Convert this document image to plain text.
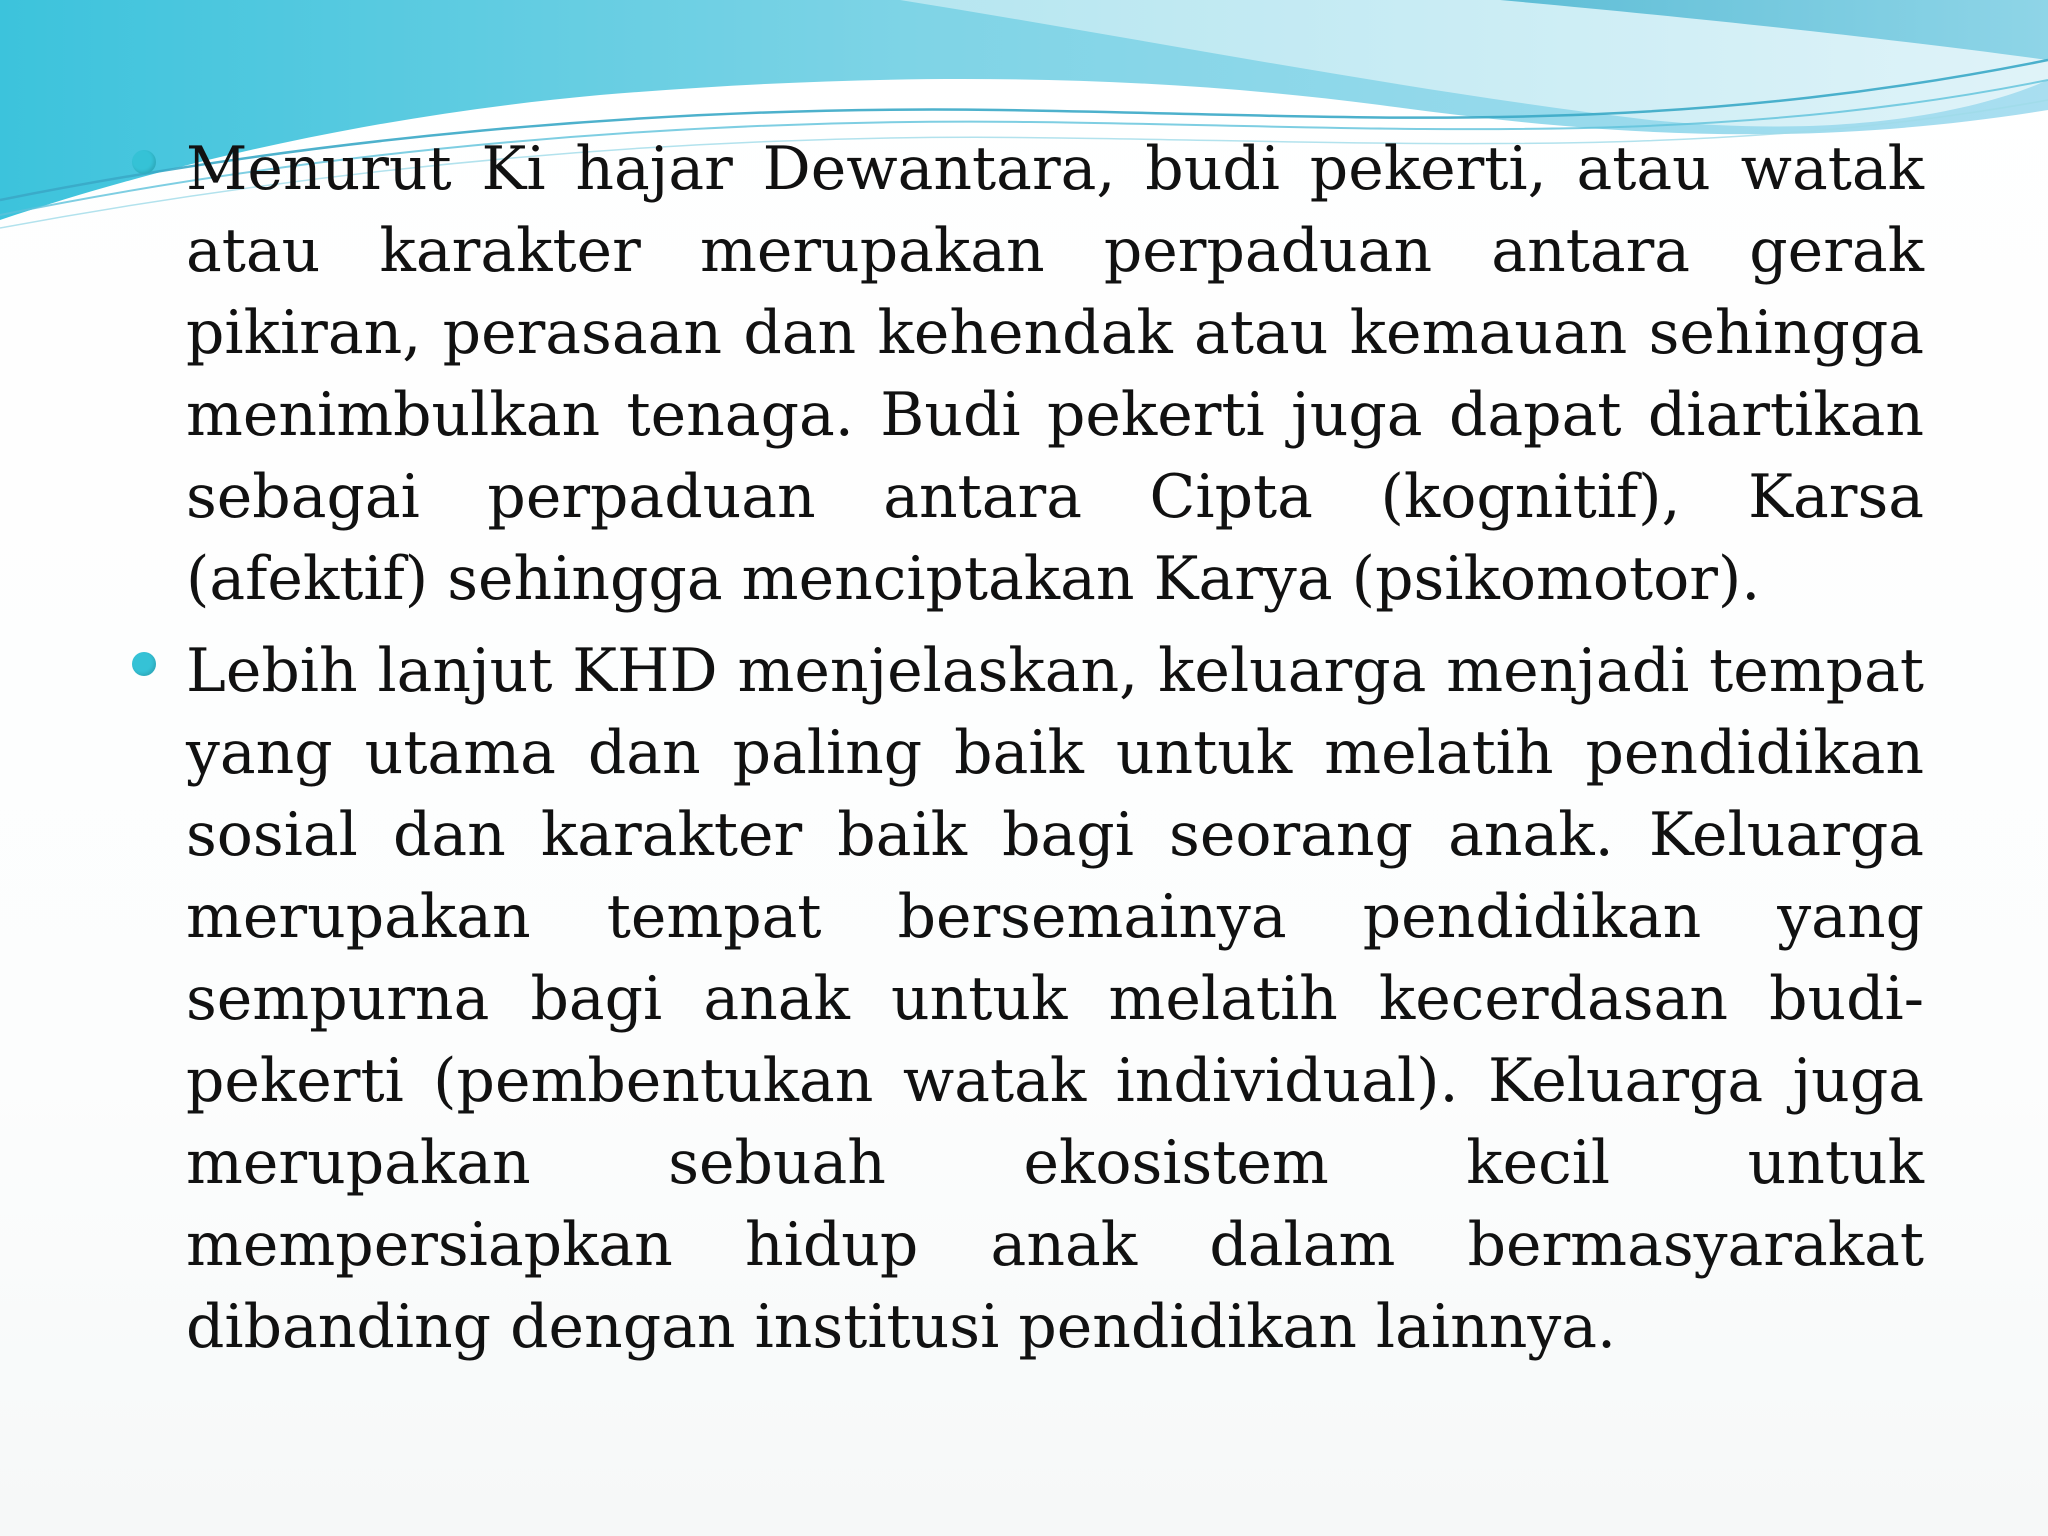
Menurut Ki hajar Dewantara, budi pekerti, atau watak atau karakter merupakan perpaduan antara gerak pikiran, perasaan dan kehendak atau kemauan sehingga menimbulkan tenaga. Budi pekerti juga dapat diartikan sebagai perpaduan antara Cipta (kognitif), Karsa (afektif) sehingga menciptakan Karya (psikomotor).

Lebih lanjut KHD menjelaskan, keluarga menjadi tempat yang utama dan paling baik untuk melatih pendidikan sosial dan karakter baik bagi seorang anak. Keluarga merupakan tempat bersemainya pendidikan yang sempurna bagi anak untuk melatih kecerdasan budi-pekerti (pembentukan watak individual). Keluarga juga merupakan sebuah ekosistem kecil untuk mempersiapkan hidup anak dalam bermasyarakat dibanding dengan institusi pendidikan lainnya.
